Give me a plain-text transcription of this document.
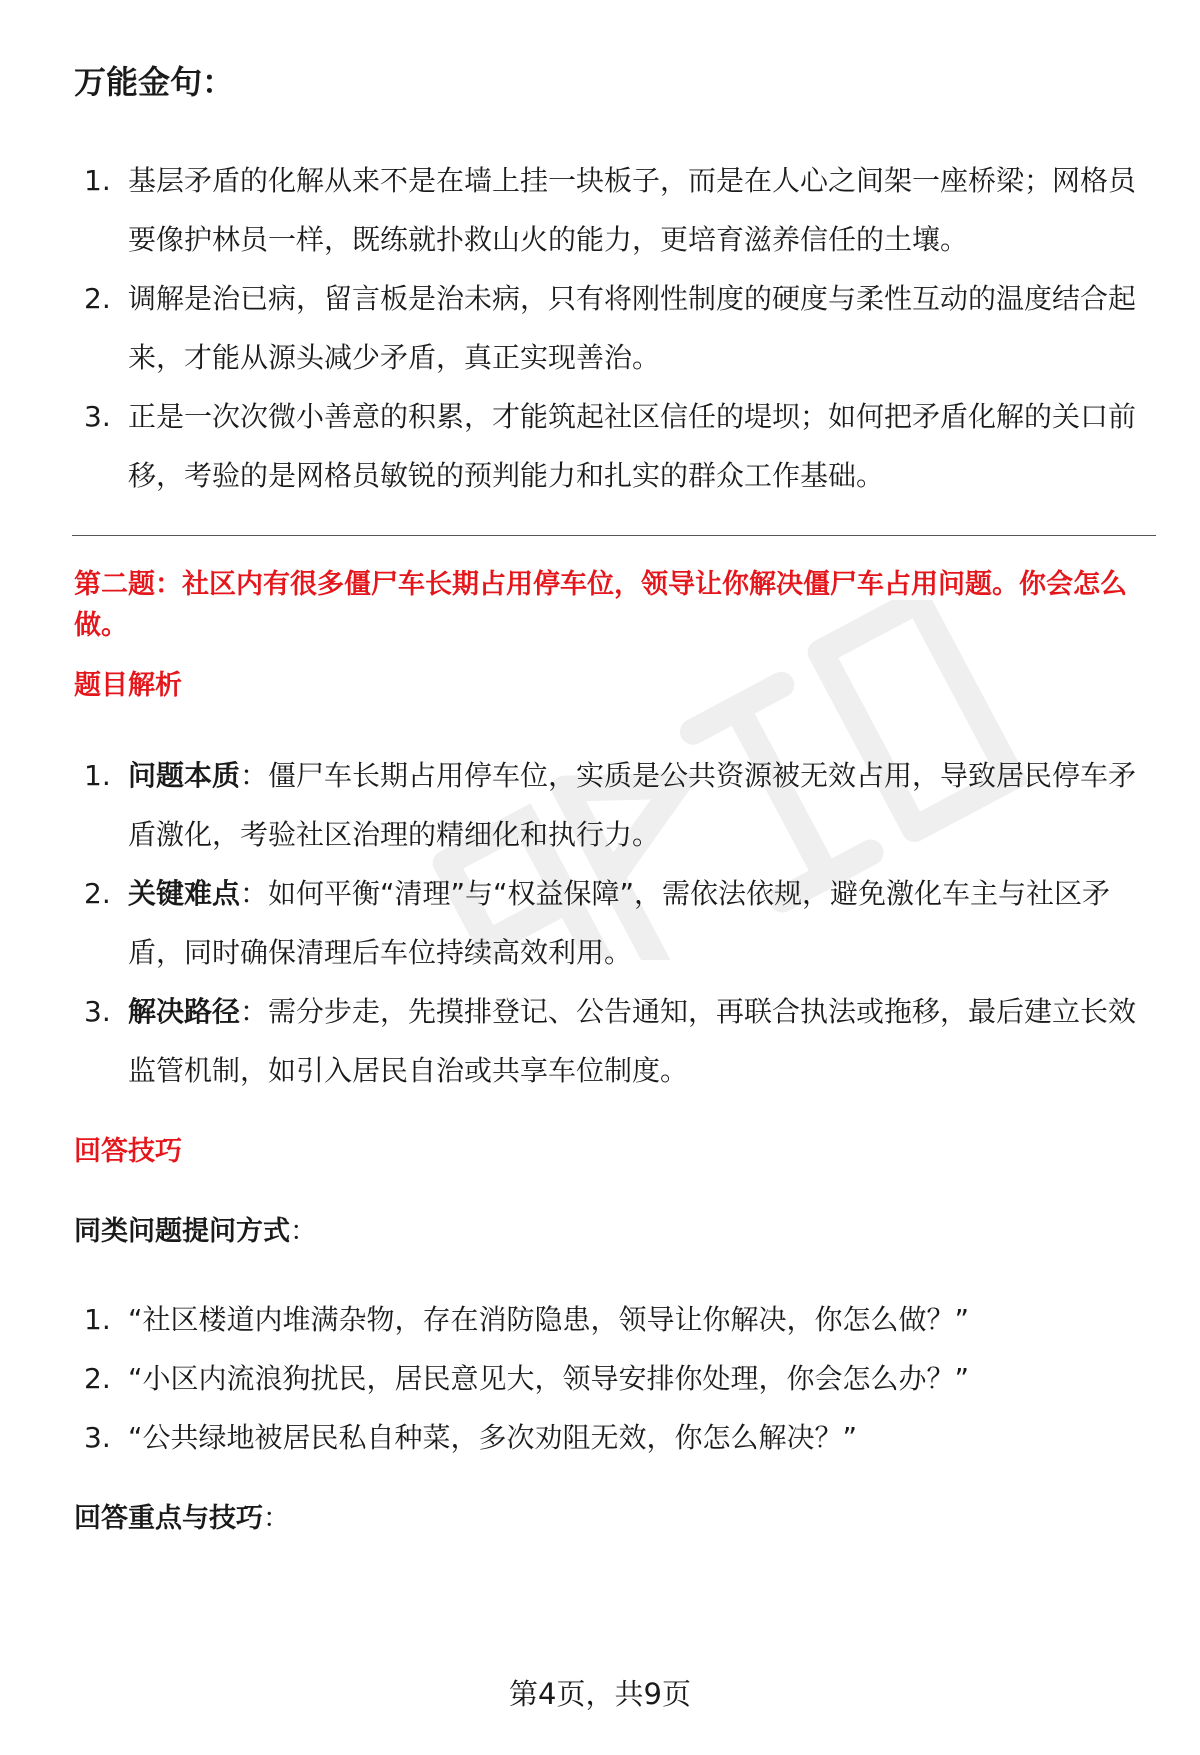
万能金句：
1. 基层矛盾的化解从来不是在墙上挂一块板子，而是在人心之间架一座桥梁；网格员要像护林员一样，既练就扑救山火的能力，更培育滋养信任的土壤。
2. 调解是治已病，留言板是治未病，只有将刚性制度的硬度与柔性互动的温度结合起来，才能从源头减少矛盾，真正实现善治。
3. 正是一次次微小善意的积累，才能筑起社区信任的堤坝；如何把矛盾化解的关口前移，考验的是网格员敏锐的预判能力和扎实的群众工作基础。

第二题：社区内有很多僵尸车长期占用停车位，领导让你解决僵尸车占用问题。你会怎么做。

题目解析
1. 问题本质：僵尸车长期占用停车位，实质是公共资源被无效占用，导致居民停车矛盾激化，考验社区治理的精细化和执行力。
2. 关键难点：如何平衡“清理”与“权益保障”，需依法依规，避免激化车主与社区矛盾，同时确保清理后车位持续高效利用。
3. 解决路径：需分步走，先摸排登记、公告通知，再联合执法或拖移，最后建立长效监管机制，如引入居民自治或共享车位制度。
回答技巧
同类问题提问方式：
1. “社区楼道内堆满杂物，存在消防隐患，领导让你解决，你怎么做？”
2. “小区内流浪狗扰民，居民意见大，领导安排你处理，你会怎么办？”
3. “公共绿地被居民私自种菜，多次劝阻无效，你怎么解决？”
回答重点与技巧：
第4页，共9页
